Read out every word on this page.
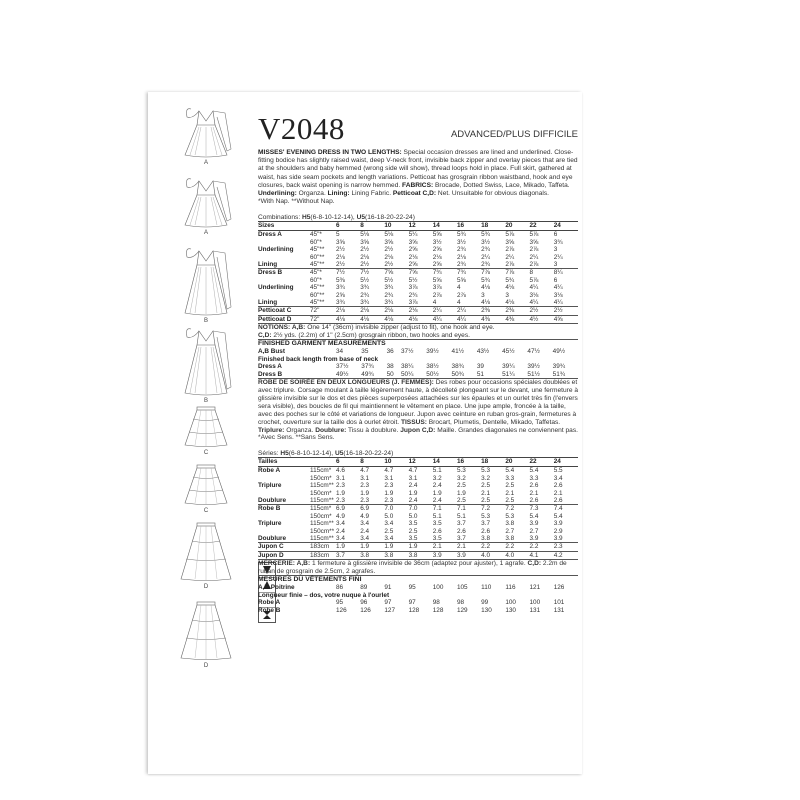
A
A
B
B
C
C
D
D
V2048	ADVANCED/PLUS DIFFICILE
MISSES' EVENING DRESS IN TWO LENGTHS: Special occasion dresses are lined and underlined. Close-fitting bodice has slightly raised waist, deep V-neck front, invisible back zipper and overlay pieces that are tied at the shoulders and baby hemmed (wrong side will show), thread loops hold in place. Full skirt, gathered at waist, has side seam pockets and length variations. Petticoat has grosgrain ribbon waistband, hook and eye closures, back waist opening is narrow hemmed. FABRICS: Brocade, Dotted Swiss, Lace, Mikado, Taffeta. Underlining: Organza. Lining: Lining Fabric. Petticoat C,D: Net. Unsuitable for obvious diagonals.
*With Nap. **Without Nap.
Combinations: H5(6-8-10-12-14), U5(16-18-20-22-24)
Sizes		6	8	10	12	14	16	18	20	22	24
Dress A	45"*	5	5⅛	5⅛	5¼	5⅝	5¾	5¾	5⅞	5⅞	6
	60"*	3⅝	3⅝	3⅝	3⅝	3½	3½	3½	3⅝	3⅝	3¾
Underlining	45"**	2½	2½	2½	2⅝	2⅝	2¾	2¾	2⅞	2⅞	3
	60"**	2⅛	2⅛	2⅛	2⅛	2⅛	2⅛	2¼	2¼	2¼	2¼
Lining	45"**	2½	2½	2½	2⅝	2⅝	2¾	2¾	2⅞	2⅞	3
Dress B	45"*	7½	7½	7⅝	7⅝	7¾	7¾	7⅞	7⅞	8	8¼
	60"*	5⅜	5½	5½	5½	5⅝	5⅝	5¾	5¾	5⅞	6
Underlining	45"**	3¾	3¾	3¾	3⅞	3⅞	4	4⅛	4⅛	4¼	4¼
	60"**	2⅝	2¾	2¾	2¾	2⅞	2⅞	3	3	3⅛	3⅛
Lining	45"**	3¾	3¾	3¾	3⅞	4	4	4⅛	4⅛	4¼	4¼
Petticoat C	72"	2⅛	2⅛	2⅛	2⅛	2¼	2¼	2⅜	2⅜	2½	2½
Petticoat D	72"	4⅛	4⅛	4⅛	4⅛	4¼	4¼	4⅜	4⅜	4½	4⅝
NOTIONS: A,B: One 14" (36cm) invisible zipper (adjust to fit), one hook and eye.
C,D: 2½ yds. (2.2m) of 1" (2.5cm) grosgrain ribbon, two hooks and eyes.
FINISHED GARMENT MEASUREMENTS
A,B Bust	34	35	36	37½	39½	41½	43½	45½	47½	49½
Finished back length from base of neck										
Dress A	37½	37¾	38	38¼	38½	38¾	39	39¼	39½	39¾
Dress B	49½	49¾	50	50¼	50½	50¾	51	51¼	51½	51¾
ROBE DE SOIRÉE EN DEUX LONGUEURS (J. FEMMES): Des robes pour occasions spéciales doublées et avec triplure. Corsage moulant à taille légèrement haute, à décolleté plongeant sur le devant, une fermeture à glissière invisible sur le dos et des pièces superposées attachées sur les épaules et un ourlet très fin (l'envers sera visible), des boucles de fil qui maintiennent le vêtement en place. Une jupe ample, froncée à la taille, avec des poches sur le côté et variations de longueur. Jupon avec ceinture en ruban gros-grain, fermetures à crochet, ouverture sur la taille dos à ourlet étroit. TISSUS: Brocart, Plumetis, Dentelle, Mikado, Taffetas. Triplure: Organza. Doublure: Tissu à doublure. Jupon C,D: Maille. Grandes diagonales ne conviennent pas. *Avec Sens. **Sans Sens.
Séries: H5(6-8-10-12-14), U5(16-18-20-22-24)
Tailles		6	8	10	12	14	16	18	20	22	24
Robe A	115cm*	4.6	4.7	4.7	4.7	5.1	5.3	5.3	5.4	5.4	5.5
	150cm*	3.1	3.1	3.1	3.1	3.2	3.2	3.2	3.3	3.3	3.4
Triplure	115cm**	2.3	2.3	2.3	2.4	2.4	2.5	2.5	2.5	2.6	2.6
	150cm*	1.9	1.9	1.9	1.9	1.9	1.9	2.1	2.1	2.1	2.1
Doublure	115cm**	2.3	2.3	2.3	2.4	2.4	2.5	2.5	2.5	2.6	2.6
Robe B	115cm*	6.9	6.9	7.0	7.0	7.1	7.1	7.2	7.2	7.3	7.4
	150cm*	4.9	4.9	5.0	5.0	5.1	5.1	5.3	5.3	5.4	5.4
Triplure	115cm**	3.4	3.4	3.4	3.5	3.5	3.7	3.7	3.8	3.9	3.9
	150cm**	2.4	2.4	2.5	2.5	2.6	2.6	2.6	2.7	2.7	2.9
Doublure	115cm**	3.4	3.4	3.4	3.5	3.5	3.7	3.8	3.8	3.9	3.9
Jupon C	183cm	1.9	1.9	1.9	1.9	2.1	2.1	2.2	2.2	2.2	2.3
Jupon D	183cm	3.7	3.8	3.8	3.8	3.9	3.9	4.0	4.0	4.1	4.2
MERCERIE: A,B: 1 fermeture à glissière invisible de 36cm (adaptez pour ajuster), 1 agrafe. C,D: 2.2m de ruban de grosgrain de 2.5cm, 2 agrafes.
MESURES DU VÊTEMENTS FINI
A,B Poitrine	86	89	91	95	100	105	110	116	121	126
Longueur finie – dos, votre nuque à l'ourlet										
Robe A	95	96	97	97	98	98	99	100	100	101
Robe B	126	126	127	128	128	129	130	130	131	131
